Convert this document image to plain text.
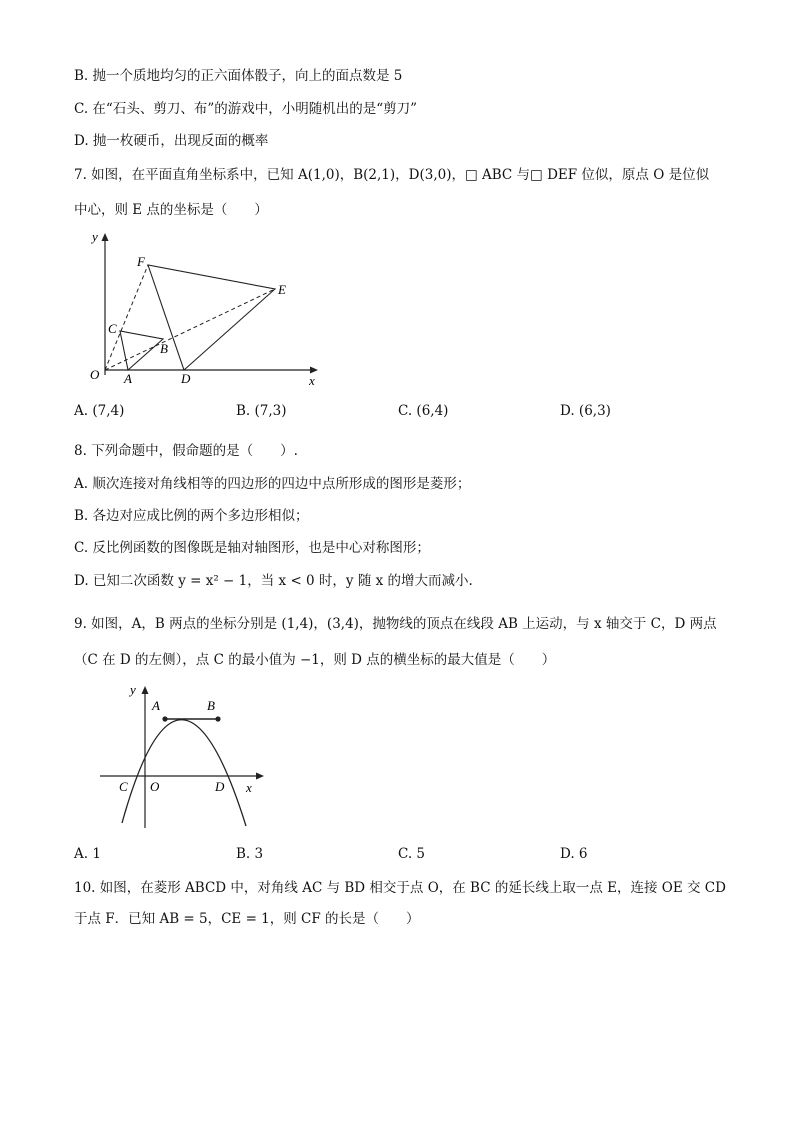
B. 抛一个质地均匀的正六面体骰子，向上的面点数是 5
C. 在“石头、剪刀、布”的游戏中，小明随机出的是“剪刀”
D. 抛一枚硬币，出现反面的概率
7. 如图，在平面直角坐标系中，已知 A(1,0)，B(2,1)，D(3,0)，□ ABC 与□ DEF 位似，原点 O 是位似
中心，则 E 点的坐标是（　　）
y
x
O A
B
C
D
E
F
A. (7,4)	B. (7,3)	C. (6,4)	D. (6,3)
8. 下列命题中，假命题的是（　　）.
A. 顺次连接对角线相等的四边形的四边中点所形成的图形是菱形；
B. 各边对应成比例的两个多边形相似；
C. 反比例函数的图像既是轴对轴图形，也是中心对称图形；
D. 已知二次函数 y = x² − 1，当 x < 0 时，y 随 x 的增大而减小.
9. 如图，A，B 两点的坐标分别是 (1,4)，(3,4)，抛物线的顶点在线段 AB 上运动，与 x 轴交于 C，D 两点
（C 在 D 的左侧），点 C 的最小值为 −1，则 D 点的横坐标的最大值是（　　）
y
x
O
C	D
A	B
A. 1	B. 3	C. 5	D. 6
10. 如图，在菱形 ABCD 中，对角线 AC 与 BD 相交于点 O，在 BC 的延长线上取一点 E，连接 OE 交 CD
于点 F．已知 AB = 5，CE = 1，则 CF 的长是（　　）
